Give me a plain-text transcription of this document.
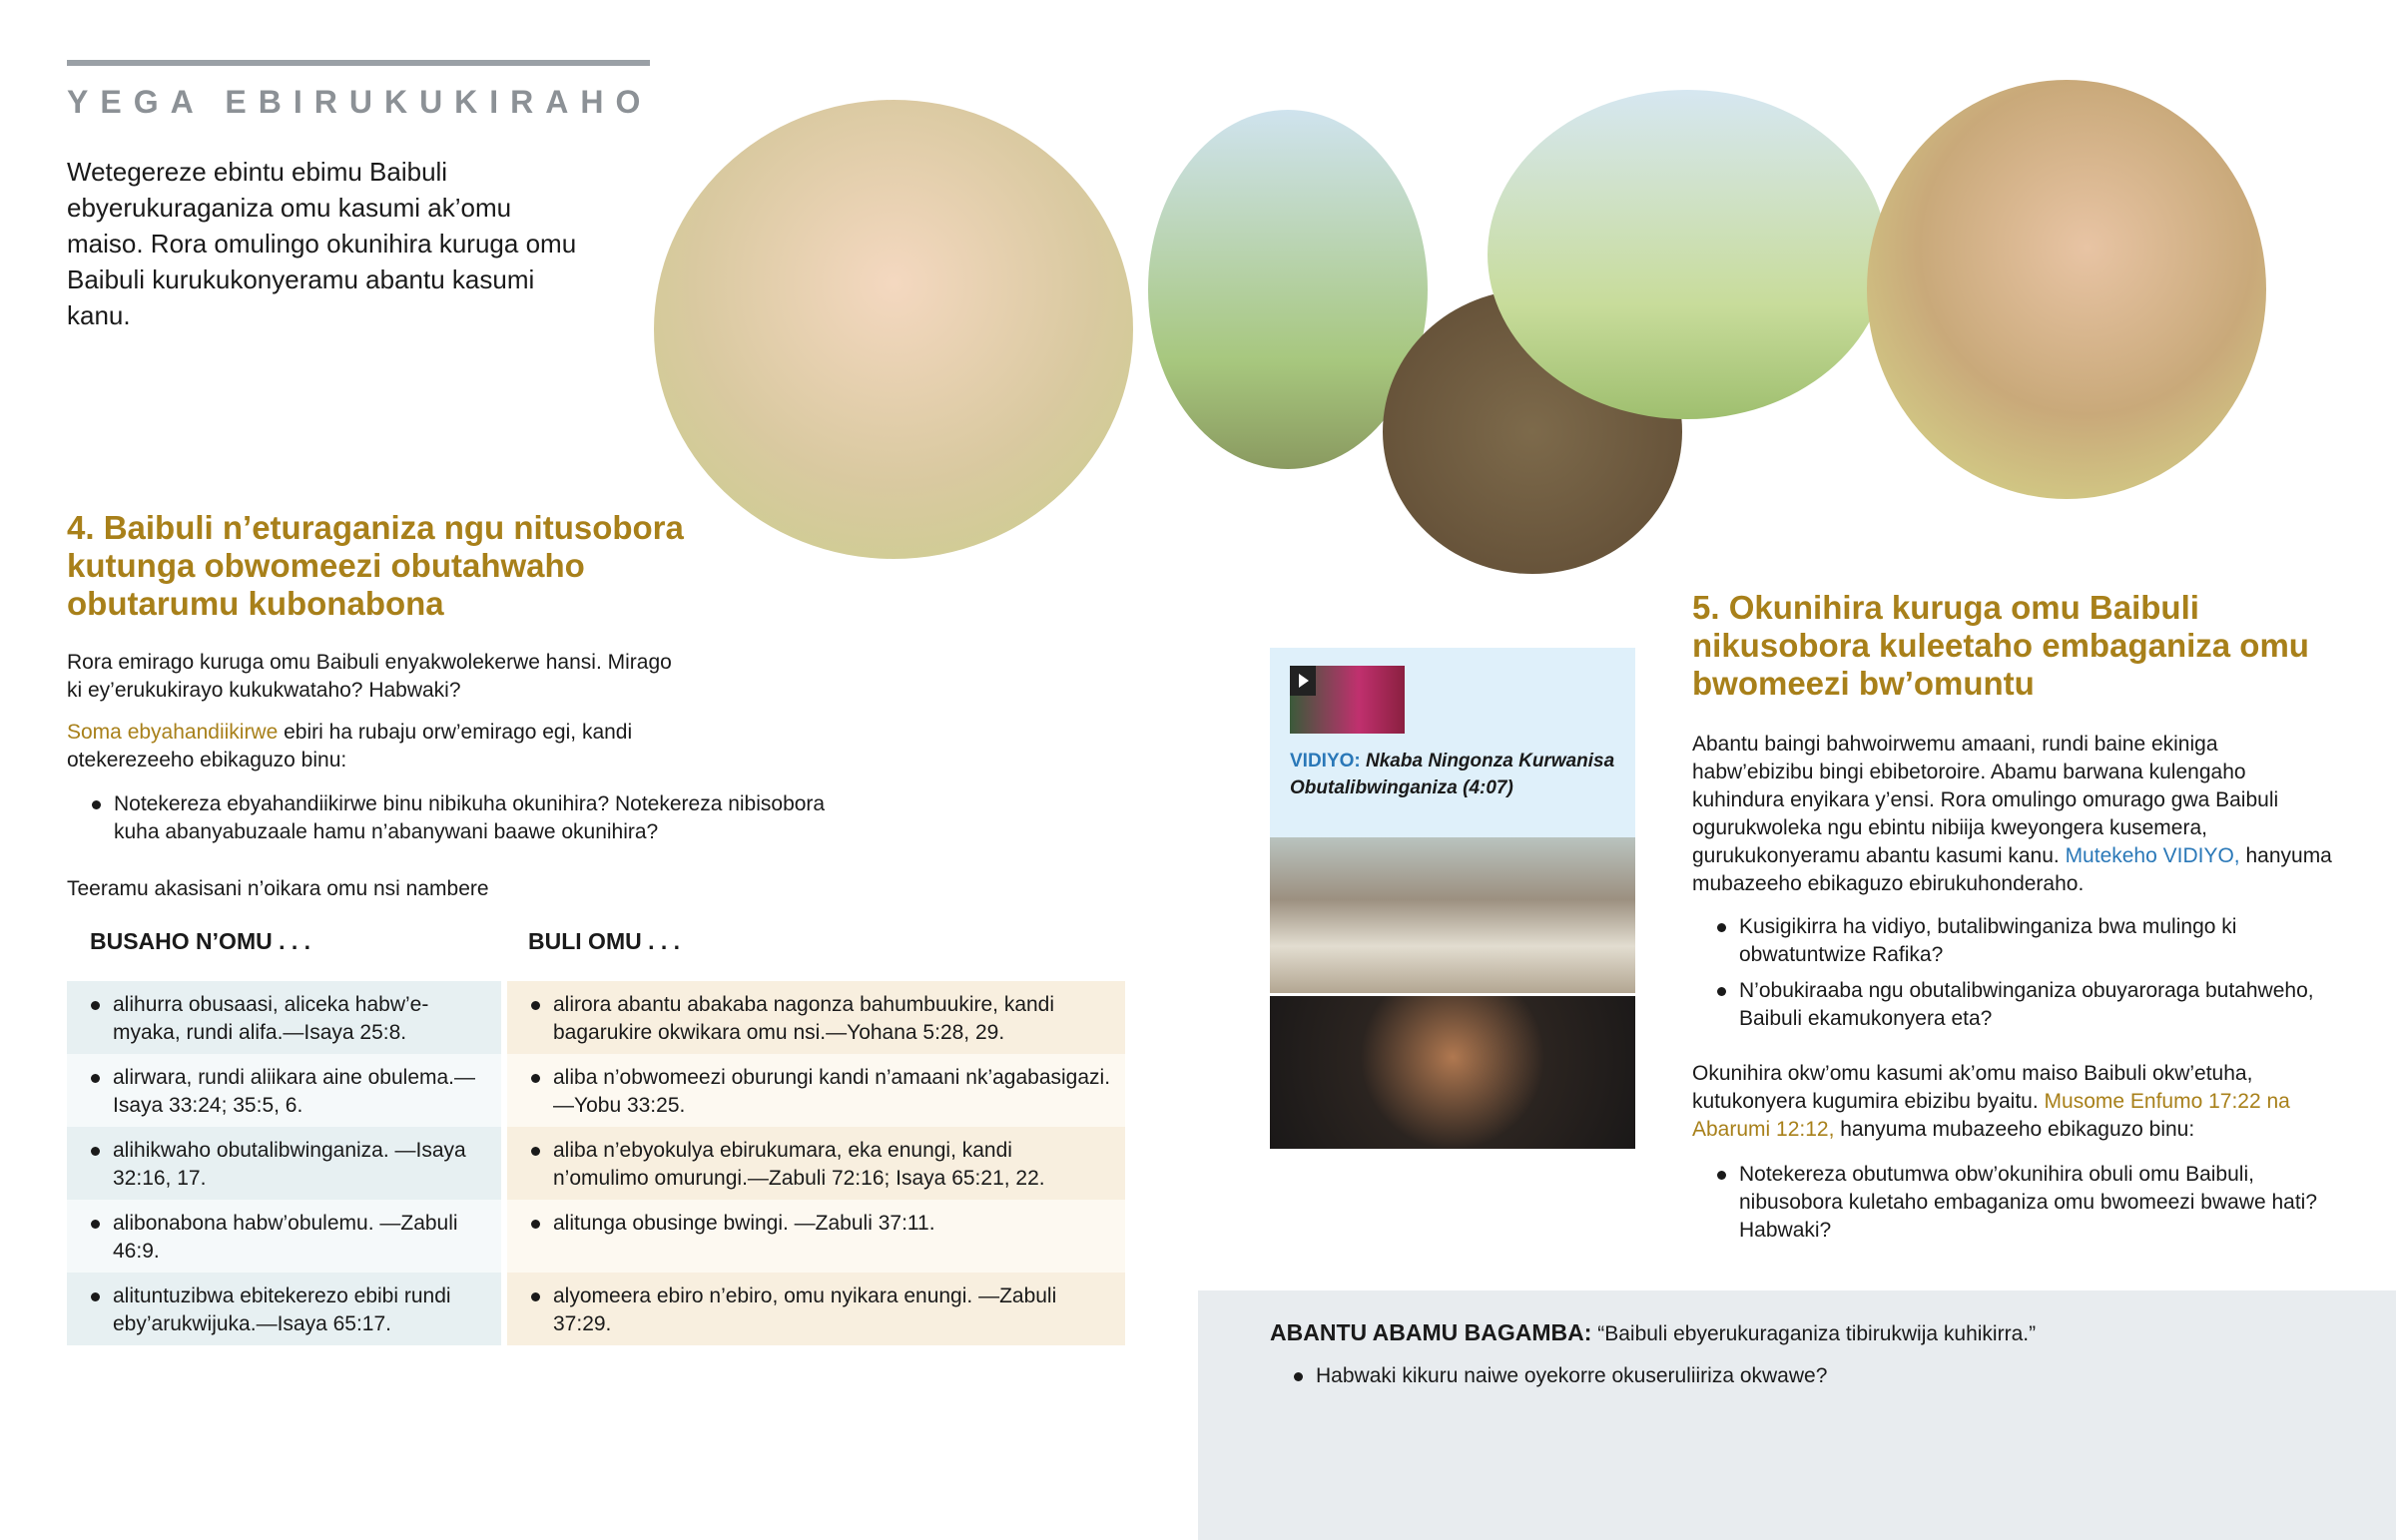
YEGA EBIRUKUKIRAHO
Wetegereze ebintu ebimu Baibuli ebyerukuraganiza omu kasumi ak’omu maiso. Rora omulingo okunihira kuruga omu Baibuli kurukukonyeramu abantu kasumi kanu.
4. Baibuli n’eturaganiza ngu nitusobora kutunga obwomeezi obutahwaho obutarumu kubonabona
Rora emirago kuruga omu Baibuli enyakwolekerwe hansi. Mirago ki ey’erukukirayo kukukwataho? Habwaki?
Soma ebyahandiikirwe ebiri ha rubaju orw’emirago egi, kandi otekerezeeho ebikaguzo binu:
Notekereza ebyahandiikirwe binu nibikuha okunihira? Notekereza nibisobora kuha abanyabuzaale hamu n’abanywani baawe okunihira?
Teeramu akasisani n’oikara omu nsi nambere
BUSAHO N’OMU . . .	BULI OMU . . .
alihurra obusaasi, aliceka habw’e-myaka, rundi alifa.—Isaya 25:8.
alirora abantu abakaba nagonza bahumbuukire, kandi bagarukire okwikara omu nsi.—Yohana 5:28, 29.
alirwara, rundi aliikara aine obulema.—Isaya 33:24; 35:5, 6.
aliba n’obwomeezi oburungi kandi n’amaani nk’agabasigazi.—Yobu 33:25.
alihikwaho obutalibwinganiza. —Isaya 32:16, 17.
aliba n’ebyokulya ebirukumara, eka enungi, kandi n’omulimo omurungi.—Zabuli 72:16; Isaya 65:21, 22.
alibonabona habw’obulemu. —Zabuli 46:9.
alitunga obusinge bwingi. —Zabuli 37:11.
alituntuzibwa ebitekerezo ebibi rundi eby’arukwijuka.—Isaya 65:17.
alyomeera ebiro n’ebiro, omu nyikara enungi. —Zabuli 37:29.
VIDIYO: Nkaba Ningonza Kurwanisa Obutalibwinganiza (4:07)
5. Okunihira kuruga omu Baibuli nikusobora kuleetaho embaganiza omu bwomeezi bw’omuntu
Abantu baingi bahwoirwemu amaani, rundi baine ekiniga habw’ebizibu bingi ebibetoroire. Abamu barwana kulengaho kuhindura enyikara y’ensi. Rora omulingo omurago gwa Baibuli ogurukwoleka ngu ebintu nibiija kweyongera kusemera, gurukukonyeramu abantu kasumi kanu. Mutekeho VIDIYO, hanyuma mubazeeho ebikaguzo ebirukuhonderaho.
Kusigikirra ha vidiyo, butalibwinganiza bwa mulingo ki obwatuntwize Rafika?
N’obukiraaba ngu obutalibwinganiza obuyaroraga butahweho, Baibuli ekamukonyera eta?
Okunihira okw’omu kasumi ak’omu maiso Baibuli okw’etuha, kutukonyera kugumira ebizibu byaitu. Musome Enfumo 17:22 na Abarumi 12:12, hanyuma mubazeeho ebikaguzo binu:
Notekereza obutumwa obw’okunihira obuli omu Baibuli, nibusobora kuletaho embaganiza omu bwomeezi bwawe hati? Habwaki?
ABANTU ABAMU BAGAMBA: “Baibuli ebyerukuraganiza tibirukwija kuhikirra.”
Habwaki kikuru naiwe oyekorre okuseruliiriza okwawe?
